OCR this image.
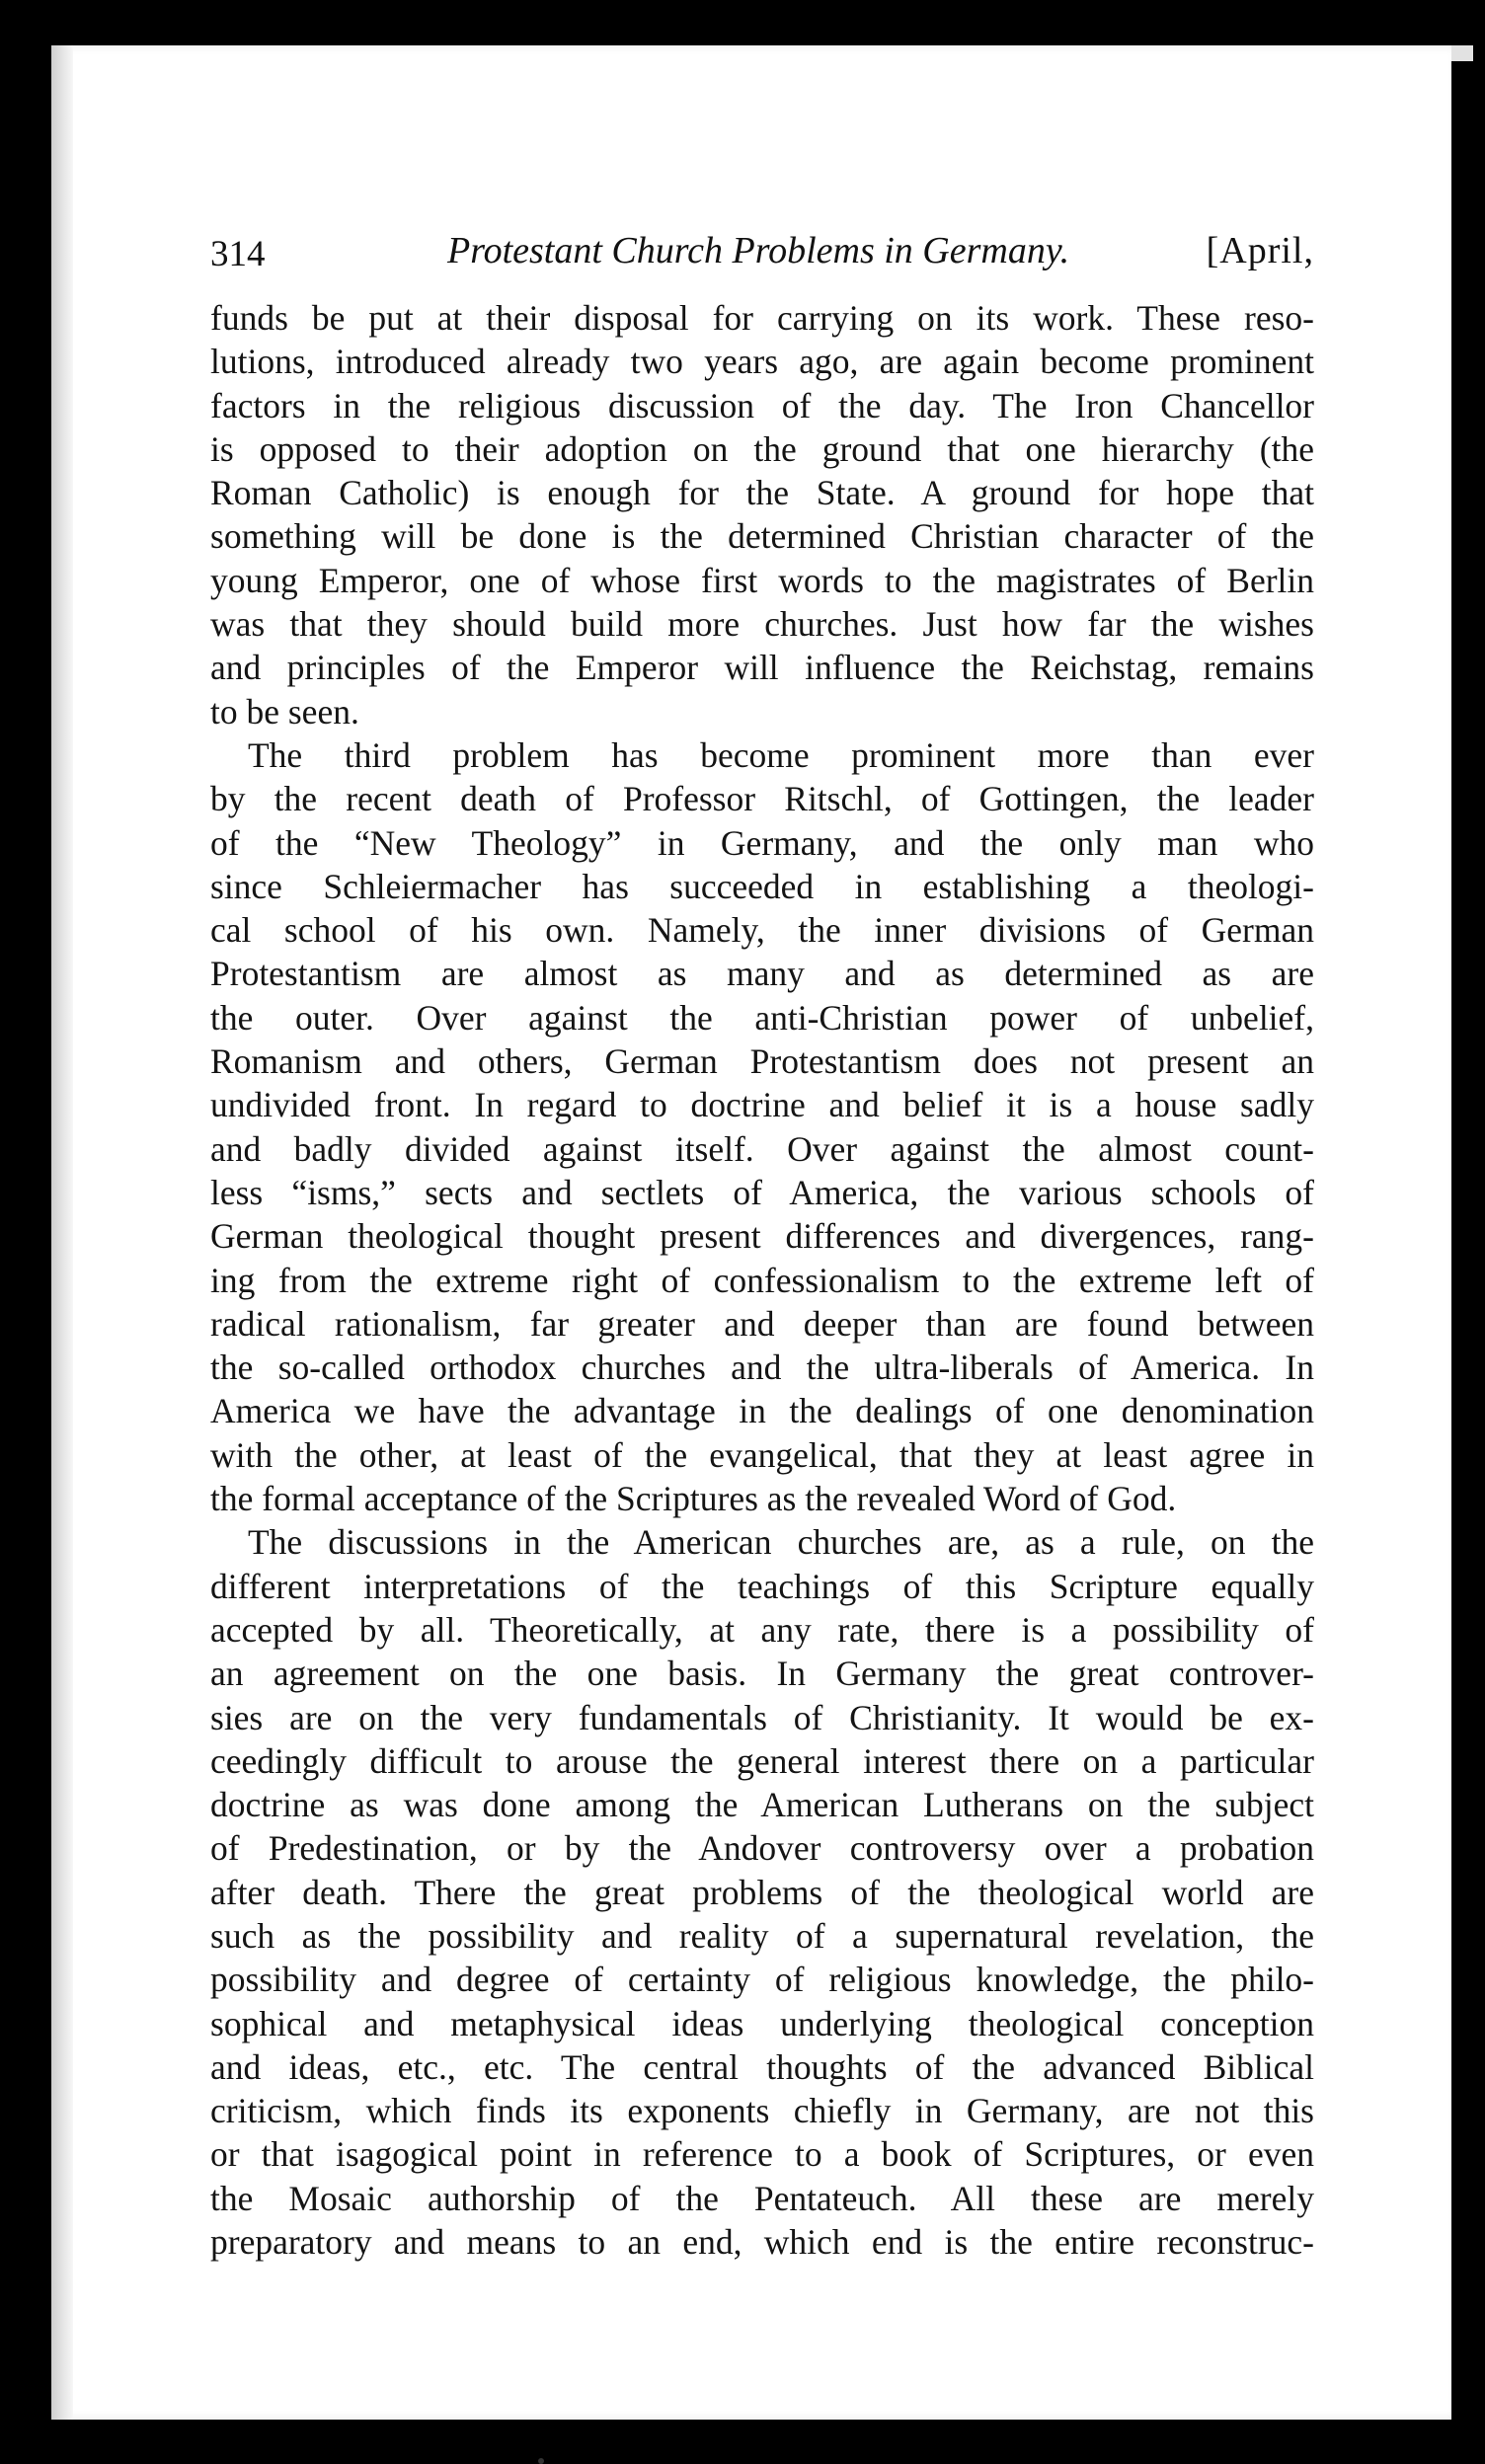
314	Protestant Church Problems in Germany.	[April,
funds be put at their disposal for carrying on its work. These reso-
lutions, introduced already two years ago, are again become prominent
factors in the religious discussion of the day. The Iron Chancellor
is opposed to their adoption on the ground that one hierarchy (the
Roman Catholic) is enough for the State. A ground for hope that
something will be done is the determined Christian character of the
young Emperor, one of whose first words to the magistrates of Berlin
was that they should build more churches. Just how far the wishes
and principles of the Emperor will influence the Reichstag, remains
to be seen.
The third problem has become prominent more than ever
by the recent death of Professor Ritschl, of Gottingen, the leader
of the “New Theology” in Germany, and the only man who
since Schleiermacher has succeeded in establishing a theologi-
cal school of his own. Namely, the inner divisions of German
Protestantism are almost as many and as determined as are
the outer. Over against the anti-Christian power of unbelief,
Romanism and others, German Protestantism does not present an
undivided front. In regard to doctrine and belief it is a house sadly
and badly divided against itself. Over against the almost count-
less “isms,” sects and sectlets of America, the various schools of
German theological thought present differences and divergences, rang-
ing from the extreme right of confessionalism to the extreme left of
radical rationalism, far greater and deeper than are found between
the so-called orthodox churches and the ultra-liberals of America. In
America we have the advantage in the dealings of one denomination
with the other, at least of the evangelical, that they at least agree in
the formal acceptance of the Scriptures as the revealed Word of God.
The discussions in the American churches are, as a rule, on the
different interpretations of the teachings of this Scripture equally
accepted by all. Theoretically, at any rate, there is a possibility of
an agreement on the one basis. In Germany the great controver-
sies are on the very fundamentals of Christianity. It would be ex-
ceedingly difficult to arouse the general interest there on a particular
doctrine as was done among the American Lutherans on the subject
of Predestination, or by the Andover controversy over a probation
after death. There the great problems of the theological world are
such as the possibility and reality of a supernatural revelation, the
possibility and degree of certainty of religious knowledge, the philo-
sophical and metaphysical ideas underlying theological conception
and ideas, etc., etc. The central thoughts of the advanced Biblical
criticism, which finds its exponents chiefly in Germany, are not this
or that isagogical point in reference to a book of Scriptures, or even
the Mosaic authorship of the Pentateuch. All these are merely
preparatory and means to an end, which end is the entire reconstruc-
